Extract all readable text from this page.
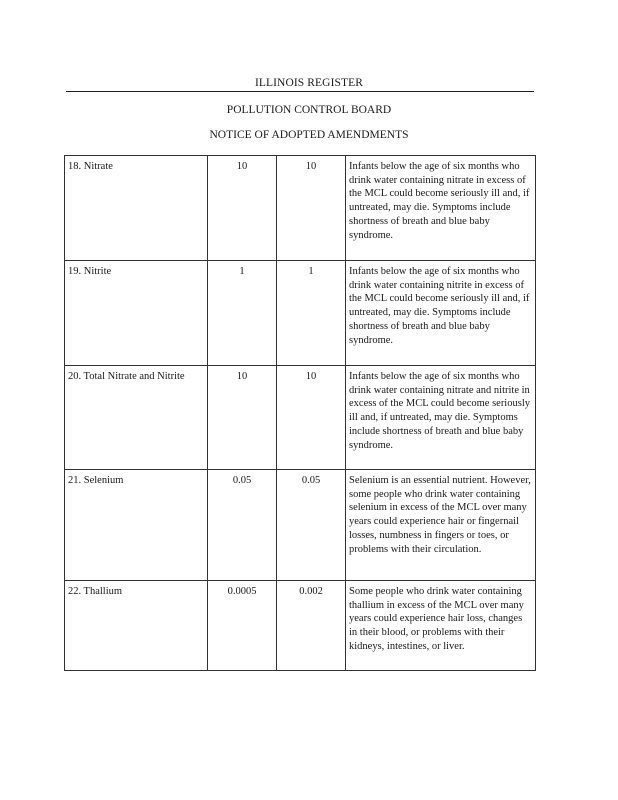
ILLINOIS REGISTER
POLLUTION CONTROL BOARD
NOTICE OF ADOPTED AMENDMENTS
18. Nitrate	10	10	Infants below the age of six months who drink water containing nitrate in excess of the MCL could become seriously ill and, if untreated, may die. Symptoms include shortness of breath and blue baby syndrome.
19. Nitrite	1	1	Infants below the age of six months who drink water containing nitrite in excess of the MCL could become seriously ill and, if untreated, may die. Symptoms include shortness of breath and blue baby syndrome.
20. Total Nitrate and Nitrite	10	10	Infants below the age of six months who drink water containing nitrate and nitrite in excess of the MCL could become seriously ill and, if untreated, may die. Symptoms include shortness of breath and blue baby syndrome.
21. Selenium	0.05	0.05	Selenium is an essential nutrient. However, some people who drink water containing selenium in excess of the MCL over many years could experience hair or fingernail losses, numbness in fingers or toes, or problems with their circulation.
22. Thallium	0.0005	0.002	Some people who drink water containing thallium in excess of the MCL over many years could experience hair loss, changes in their blood, or problems with their kidneys, intestines, or liver.
